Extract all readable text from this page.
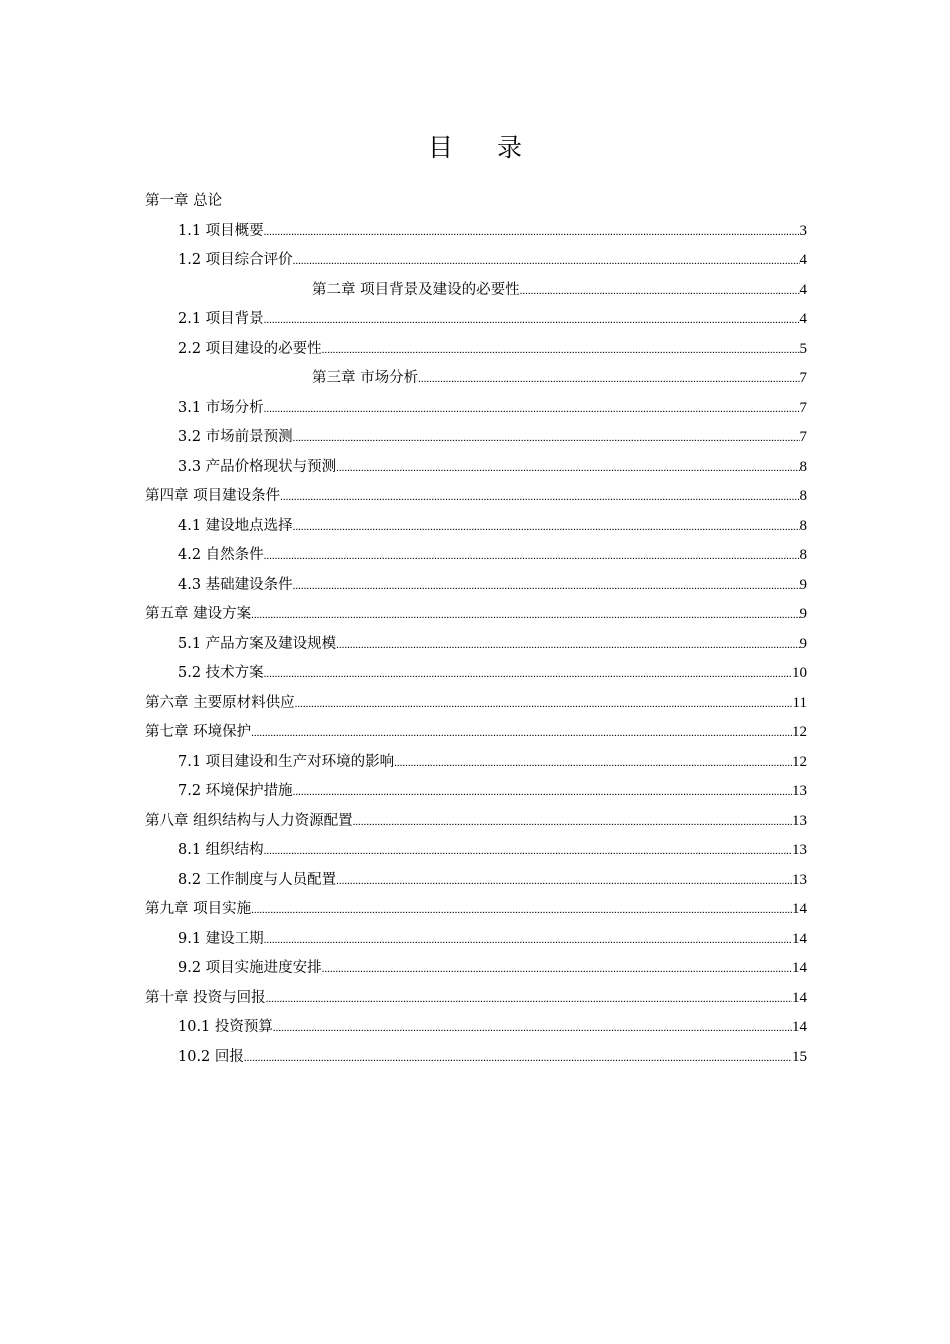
目 录
第一章 总论
1.1 项目概要 .....	3
1.2 项目综合评价 .....	4
第二章 项目背景及建设的必要性 .....	4
2.1 项目背景 .....	4
2.2 项目建设的必要性 .....	5
第三章 市场分析 .....	7
3.1 市场分析 .....	7
3.2 市场前景预测 .....	7
3.3 产品价格现状与预测 .....	8
第四章 项目建设条件 .....	8
4.1 建设地点选择 .....	8
4.2 自然条件 .....	8
4.3 基础建设条件 .....	9
第五章 建设方案 .....	9
5.1 产品方案及建设规模 .....	9
5.2 技术方案 .....	10
第六章 主要原材料供应 .....	11
第七章 环境保护 .....	12
7.1 项目建设和生产对环境的影响 .....	12
7.2 环境保护措施 .....	13
第八章 组织结构与人力资源配置 .....	13
8.1 组织结构 .....	13
8.2 工作制度与人员配置 .....	13
第九章 项目实施 .....	14
9.1 建设工期 .....	14
9.2 项目实施进度安排 .....	14
第十章 投资与回报 .....	14
10.1 投资预算 .....	14
10.2 回报 .....	15
